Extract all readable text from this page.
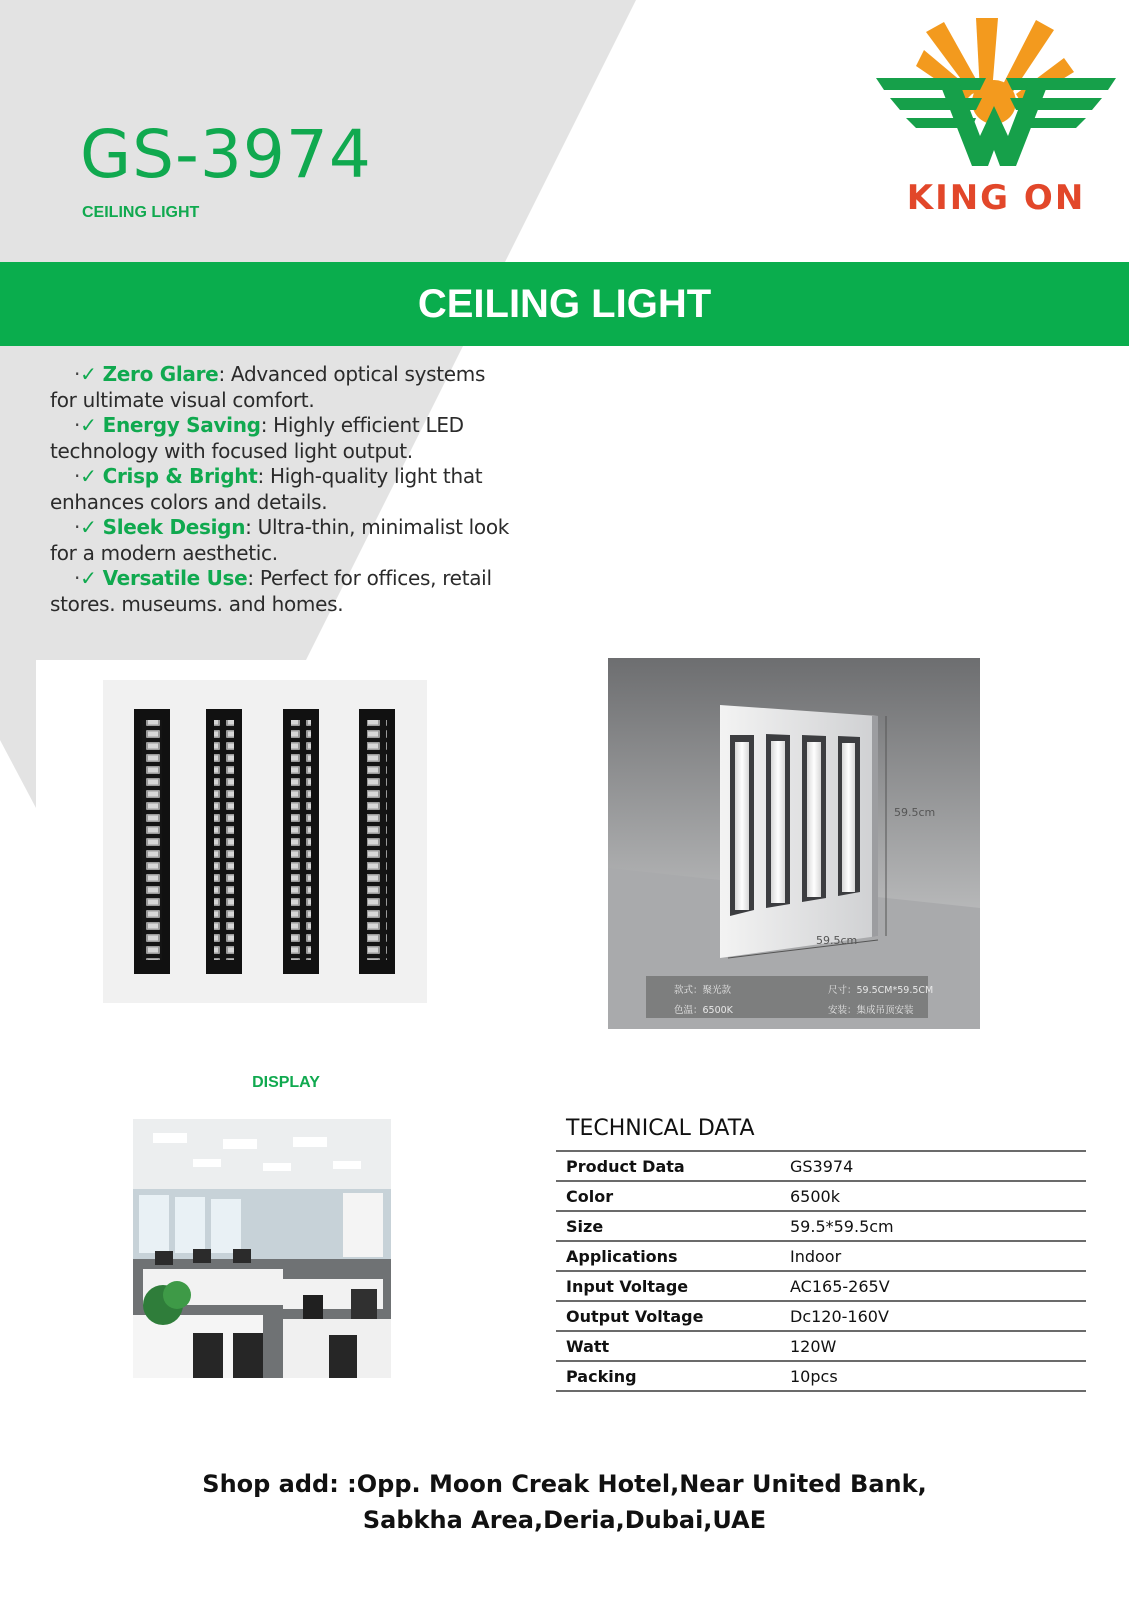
GS-3974
CEILING LIGHT	KING ON
CEILING LIGHT
·✓ Zero Glare: Advanced optical systems
for ultimate visual comfort.
·✓ Energy Saving: Highly efficient LED
technology with focused light output.
·✓ Crisp & Bright: High-quality light that
enhances colors and details.
·✓ Sleek Design: Ultra-thin, minimalist look
for a modern aesthetic.
·✓ Versatile Use: Perfect for offices, retail
stores. museums. and homes.
59.5cm
59.5cm
款式：聚光款	尺寸：59.5CM*59.5CM
色温：6500K	安装：集成吊顶安装
DISPLAY
TECHNICAL DATA
Product Data	GS3974
Color	6500k
Size	59.5*59.5cm
Applications	Indoor
Input Voltage	AC165-265V
Output Voltage	Dc120-160V
Watt	120W
Packing	10pcs
Shop add: :Opp. Moon Creak Hotel,Near United Bank,
Sabkha Area,Deria,Dubai,UAE
